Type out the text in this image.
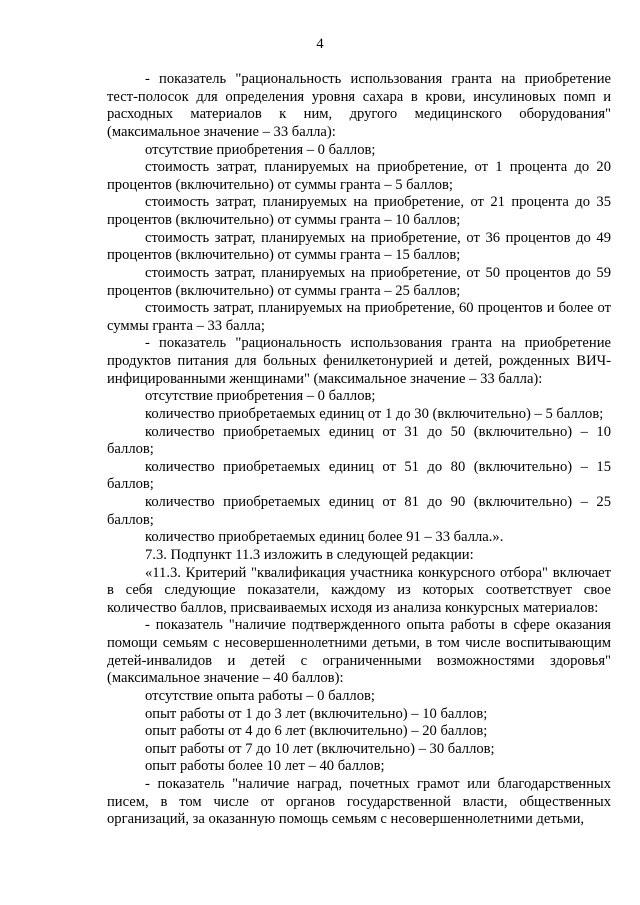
4

- показатель "рациональность использования гранта на приобретение тест-полосок для определения уровня сахара в крови, инсулиновых помп и расходных материалов к ним, другого медицинского оборудования" (максимальное значение – 33 балла):

отсутствие приобретения – 0 баллов;

стоимость затрат, планируемых на приобретение, от 1 процента до 20 процентов (включительно) от суммы гранта – 5 баллов;

стоимость затрат, планируемых на приобретение, от 21 процента до 35 процентов (включительно) от суммы гранта – 10 баллов;

стоимость затрат, планируемых на приобретение, от 36 процентов до 49 процентов (включительно) от суммы гранта – 15 баллов;

стоимость затрат, планируемых на приобретение, от 50 процентов до 59 процентов (включительно) от суммы гранта – 25 баллов;

стоимость затрат, планируемых на приобретение, 60 процентов и более от суммы гранта – 33 балла;

- показатель "рациональность использования гранта на приобретение продуктов питания для больных фенилкетонурией и детей, рожденных ВИЧ-инфицированными женщинами" (максимальное значение – 33 балла):

отсутствие приобретения – 0 баллов;

количество приобретаемых единиц от 1 до 30 (включительно) – 5 баллов;

количество приобретаемых единиц от 31 до 50 (включительно) – 10 баллов;

количество приобретаемых единиц от 51 до 80 (включительно) – 15 баллов;

количество приобретаемых единиц от 81 до 90 (включительно) – 25 баллов;

количество приобретаемых единиц более 91 – 33 балла.».

7.3. Подпункт 11.3 изложить в следующей редакции:

«11.3. Критерий "квалификация участника конкурсного отбора" включает в себя следующие показатели, каждому из которых соответствует свое количество баллов, присваиваемых исходя из анализа конкурсных материалов:

- показатель "наличие подтвержденного опыта работы в сфере оказания помощи семьям с несовершеннолетними детьми, в том числе воспитывающим детей-инвалидов и детей с ограниченными возможностями здоровья" (максимальное значение – 40 баллов):

отсутствие опыта работы – 0 баллов;

опыт работы от 1 до 3 лет (включительно) – 10 баллов;

опыт работы от 4 до 6 лет (включительно) – 20 баллов;

опыт работы от 7 до 10 лет (включительно) – 30 баллов;

опыт работы более 10 лет – 40 баллов;

- показатель "наличие наград, почетных грамот или благодарственных писем, в том числе от органов государственной власти, общественных организаций, за оказанную помощь семьям с несовершеннолетними детьми,
